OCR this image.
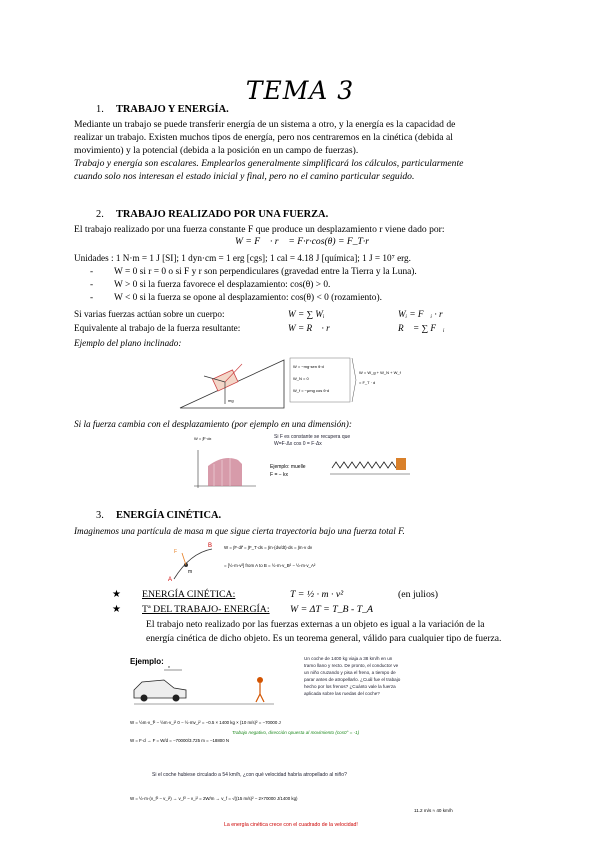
TEMA 3
1. TRABAJO Y ENERGÍA.
Mediante un trabajo se puede transferir energía de un sistema a otro, y la energía es la capacidad de
realizar un trabajo. Existen muchos tipos de energía, pero nos centraremos en la cinética (debida al
movimiento) y la potencial (debida a la posición en un campo de fuerzas).
Trabajo y energía son escalares. Emplearlos generalmente simplificará los cálculos, particularmente
cuando solo nos interesan el estado inicial y final, pero no el camino particular seguido.
2. TRABAJO REALIZADO POR UNA FUERZA.
El trabajo realizado por una fuerza constante F que produce un desplazamiento r viene dado por:
W = F⃗ · r⃗ = F·r·cos(θ) = F_T·r
Unidades : 1 N·m = 1 J [SI]; 1 dyn·cm = 1 erg [cgs]; 1 cal = 4.18 J [química]; 1 J = 10⁷ erg.
- W = 0 si r = 0 o si F y r son perpendiculares (gravedad entre la Tierra y la Luna).
- W > 0 si la fuerza favorece el desplazamiento: cos(θ) > 0.
- W < 0 si la fuerza se opone al desplazamiento: cos(θ) < 0 (rozamiento).
Si varias fuerzas actúan sobre un cuerpo:	W = ∑ Wᵢ	Wᵢ = F⃗ᵢ · r⃗
Equivalente al trabajo de la fuerza resultante:	W = R⃗ · r⃗	R⃗ = ∑ F⃗ᵢ
Ejemplo del plano inclinado:
mg
W = −mg·sen θ·d
W_N = 0
W_f = −μmg cos θ·d
W = W_g + W_N + W_f
= F_T · d
Si la fuerza cambia con el desplazamiento (por ejemplo en una dimensión):
W = ∫F·dx	Si F es constante se recupera que
W=F·Δx cos 0 = F·Δx
Ejemplo: muelle
F = − kx
3. ENERGÍA CINÉTICA.
Imaginemos una partícula de masa m que sigue cierta trayectoria bajo una fuerza total F.
A
B
m
F
W = ∫F·dr⃗ = ∫F_T·ds = ∫m·(dv/dt)·ds = ∫m·v dv
= [½·m·v²] from A to B = ½·m·v_B² − ½·m·v_A²
★ ENERGÍA CINÉTICA:	T = ½ · m · v²	(en julios)
★ Tª DEL TRABAJO- ENERGÍA: W = ΔT = T_B - T_A
El trabajo neto realizado por las fuerzas externas a un objeto es igual a la variación de la
energía cinética de dicho objeto. Es un teorema general, válido para cualquier tipo de fuerza.
Ejemplo:
v
Un coche de 1400 kg viaja a 38 km/h en un
tramo llano y recto. De pronto, el conductor ve
un niño cruzando y pisa el freno, a tiempo de
parar antes de atropellarlo. ¿Cuál fue el trabajo
hecho por los frenos? ¿Cuánto vale la fuerza
aplicada sobre las ruedas del coche?
W = ½m·v_f² − ½m·v_i² 0 − ½·mv_i² = −0.5 × 1400 kg × (10 m/s)² = −70000 J
W = F·d → F = W/d = −70000/3.725 m = −18800 N
Trabajo negativo, dirección opuesta al movimiento (cos0° = -1)
Si el coche hubiese circulado a 54 km/h, ¿con qué velocidad habría atropellado al niño?
W = ½·m·(v_f² − v_i²) → v_f² − v_i² = 2W/m → v_f = √((15 m/s)² − 2×70000 J/1400 kg)
11.2 m/s ≈ 40 km/h
La energía cinética crece con el cuadrado de la velocidad!
